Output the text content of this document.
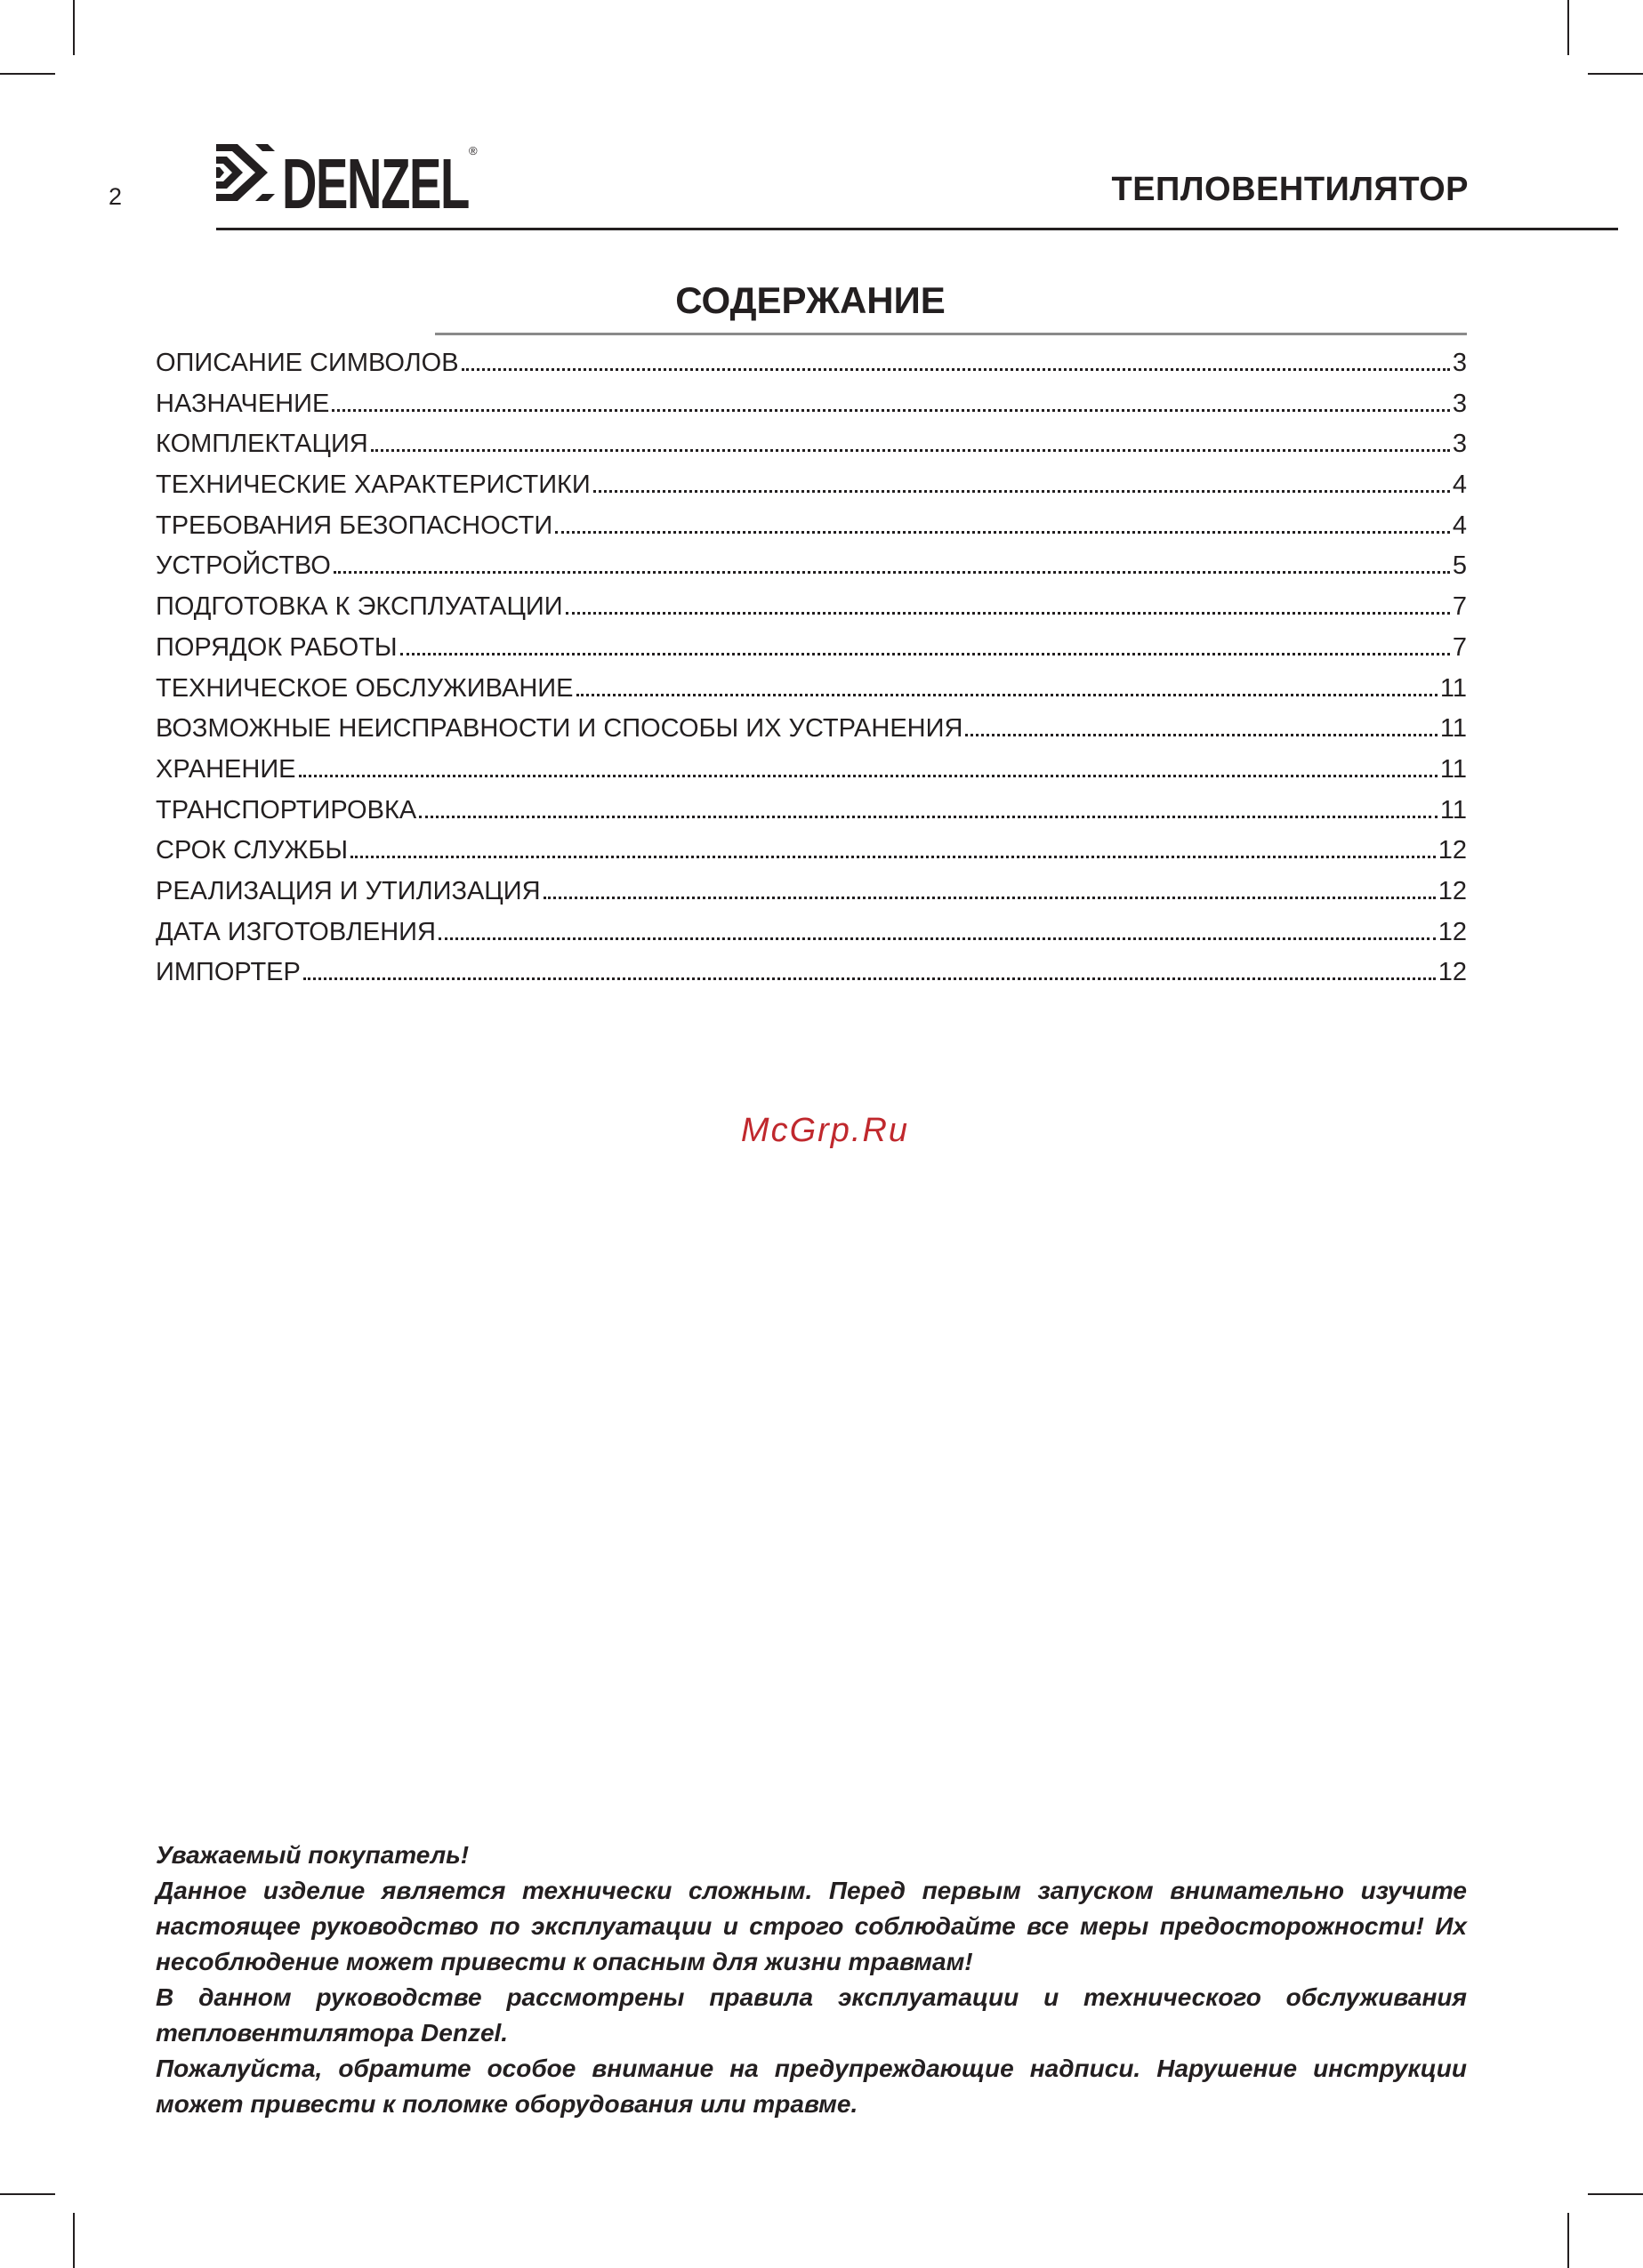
2 DENZEL ®
ТЕПЛОВЕНТИЛЯТОР
СОДЕРЖАНИЕ
ОПИСАНИЕ СИМВОЛОВ	3
НАЗНАЧЕНИЕ	3
КОМПЛЕКТАЦИЯ	3
ТЕХНИЧЕСКИЕ ХАРАКТЕРИСТИКИ	4
ТРЕБОВАНИЯ БЕЗОПАСНОСТИ	4
УСТРОЙСТВО	5
ПОДГОТОВКА К ЭКСПЛУАТАЦИИ	7
ПОРЯДОК РАБОТЫ	7
ТЕХНИЧЕСКОЕ ОБСЛУЖИВАНИЕ	11
ВОЗМОЖНЫЕ НЕИСПРАВНОСТИ И СПОСОБЫ ИХ УСТРАНЕНИЯ	11
ХРАНЕНИЕ	11
ТРАНСПОРТИРОВКА	11
СРОК СЛУЖБЫ	12
РЕАЛИЗАЦИЯ И УТИЛИЗАЦИЯ	12
ДАТА ИЗГОТОВЛЕНИЯ	12
ИМПОРТЕР	12
McGrp.Ru

Уважаемый покупатель!

Данное изделие является технически сложным. Перед первым запуском внимательно изучите настоящее руководство по эксплуатации и строго соблюдайте все меры предосторожности! Их несоблюдение может привести к опасным для жизни травмам!

В данном руководстве рассмотрены правила эксплуатации и технического обслуживания тепловентилятора Denzel.

Пожалуйста, обратите особое внимание на предупреждающие надписи. Нарушение инструкции может привести к поломке оборудования или травме.
